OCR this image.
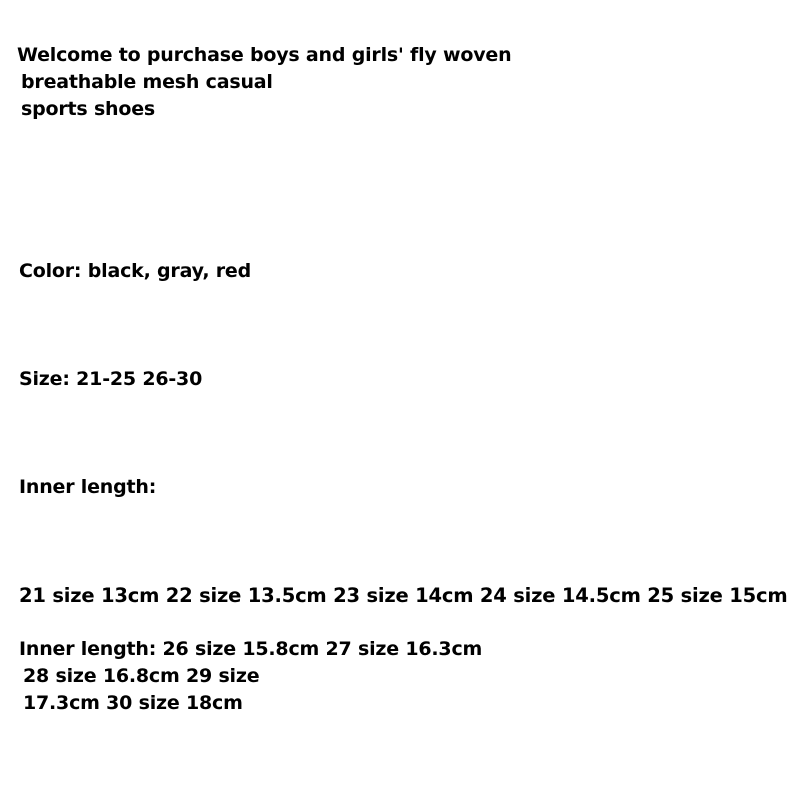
Welcome to purchase boys and girls' fly woven
breathable mesh casual
sports shoes
Color: black, gray, red
Size: 21-25 26-30
Inner length:
21 size 13cm 22 size 13.5cm 23 size 14cm 24 size 14.5cm 25 size 15cm
Inner length: 26 size 15.8cm 27 size 16.3cm
28 size 16.8cm 29 size
17.3cm 30 size 18cm
